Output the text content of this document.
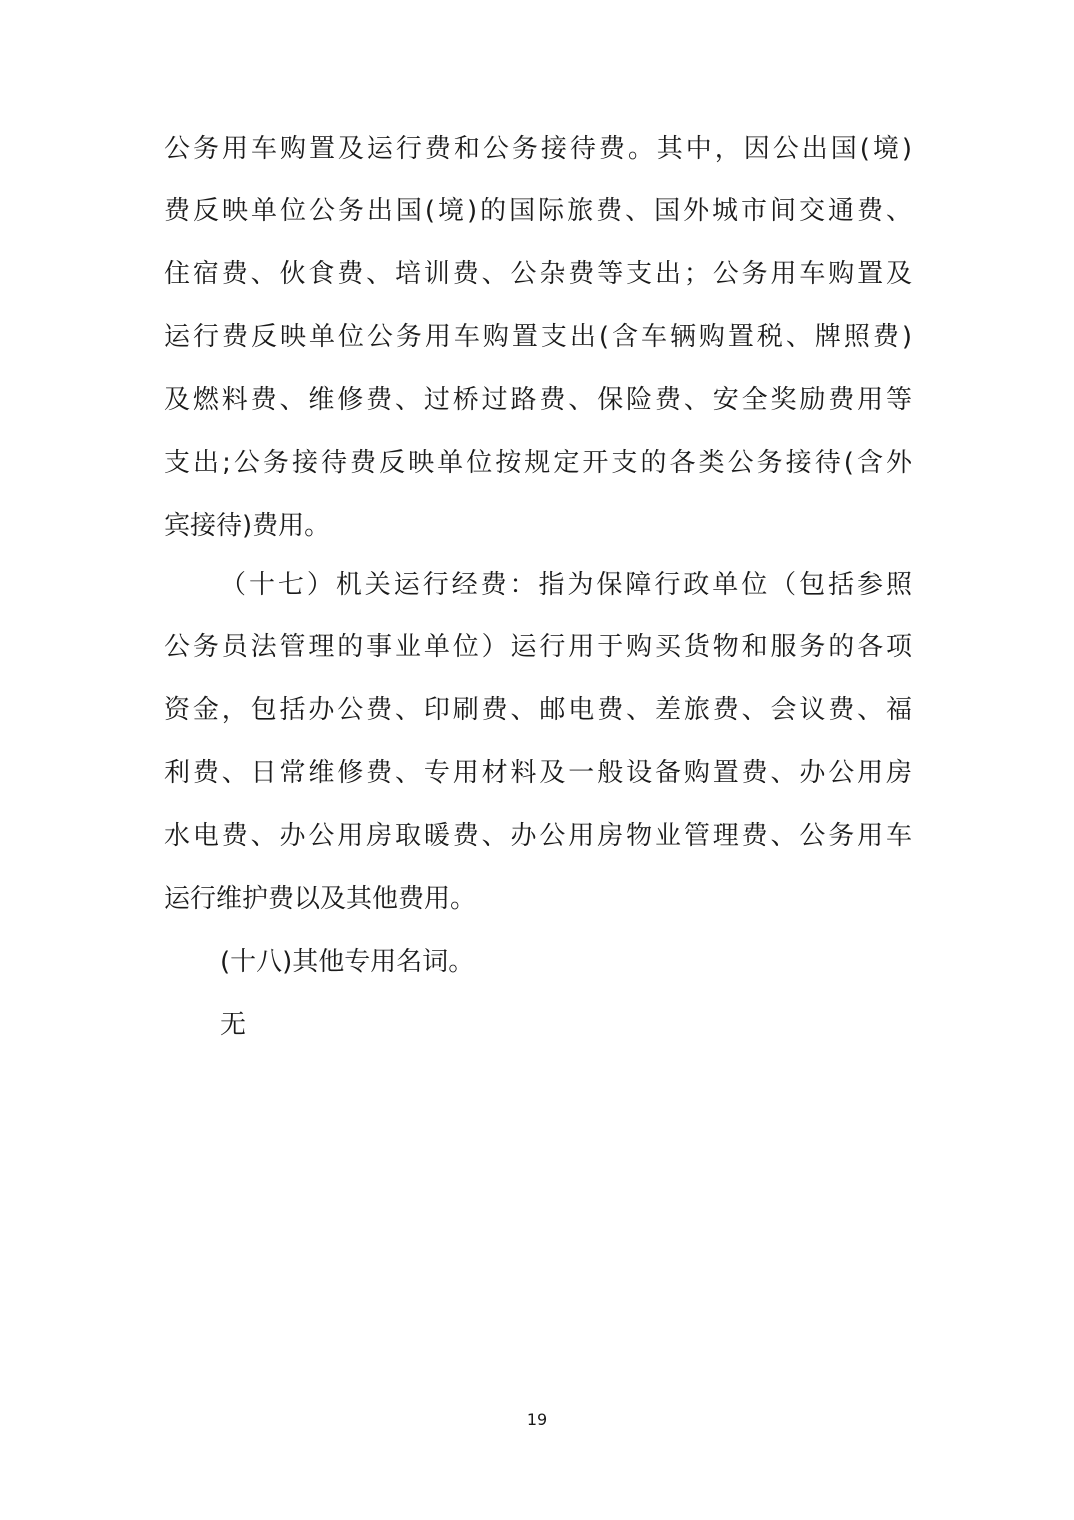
公务用车购置及运行费和公务接待费。其中，因公出国(境)
费反映单位公务出国(境)的国际旅费、国外城市间交通费、
住宿费、伙食费、培训费、公杂费等支出；公务用车购置及
运行费反映单位公务用车购置支出(含车辆购置税、牌照费)
及燃料费、维修费、过桥过路费、保险费、安全奖励费用等
支出;公务接待费反映单位按规定开支的各类公务接待(含外
宾接待)费用。
（十七）机关运行经费：指为保障行政单位（包括参照
公务员法管理的事业单位）运行用于购买货物和服务的各项
资金，包括办公费、印刷费、邮电费、差旅费、会议费、福
利费、日常维修费、专用材料及一般设备购置费、办公用房
水电费、办公用房取暖费、办公用房物业管理费、公务用车
运行维护费以及其他费用。
(十八)其他专用名词。
无
19
